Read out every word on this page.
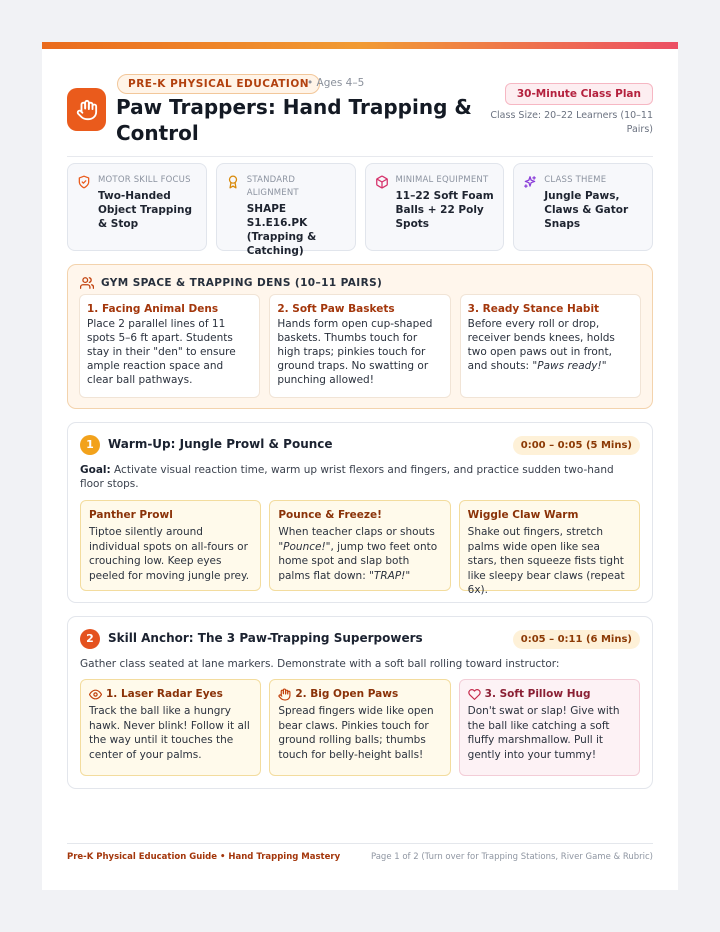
PRE-K PHYSICAL EDUCATION
• Ages 4–5
Paw Trappers: Hand Trapping & Control
30-Minute Class Plan
Class Size: 20–22 Learners (10–11 Pairs)
MOTOR SKILL FOCUS
Two-Handed Object Trapping & Stop
STANDARD ALIGNMENT
SHAPE S1.E16.PK (Trapping & Catching)
MINIMAL EQUIPMENT
11–22 Soft Foam Balls + 22 Poly Spots
CLASS THEME
Jungle Paws, Claws & Gator Snaps
GYM SPACE & TRAPPING DENS (10–11 PAIRS)
1. Facing Animal Dens
Place 2 parallel lines of 11 spots 5–6 ft apart. Students stay in their "den" to ensure ample reaction space and clear ball pathways.
2. Soft Paw Baskets
Hands form open cup-shaped baskets. Thumbs touch for high traps; pinkies touch for ground traps. No swatting or punching allowed!
3. Ready Stance Habit
Before every roll or drop, receiver bends knees, holds two open paws out in front, and shouts: "Paws ready!"
1	Warm-Up: Jungle Prowl & Pounce	0:00 – 0:05 (5 Mins)
Goal: Activate visual reaction time, warm up wrist flexors and fingers, and practice sudden two-hand floor stops.
Panther Prowl
Tiptoe silently around individual spots on all-fours or crouching low. Keep eyes peeled for moving jungle prey.
Pounce & Freeze!
When teacher claps or shouts "Pounce!", jump two feet onto home spot and slap both palms flat down: "TRAP!"
Wiggle Claw Warm
Shake out fingers, stretch palms wide open like sea stars, then squeeze fists tight like sleepy bear claws (repeat 6x).
2	Skill Anchor: The 3 Paw-Trapping Superpowers	0:05 – 0:11 (6 Mins)
Gather class seated at lane markers. Demonstrate with a soft ball rolling toward instructor:
1. Laser Radar Eyes
Track the ball like a hungry hawk. Never blink! Follow it all the way until it touches the center of your palms.
2. Big Open Paws
Spread fingers wide like open bear claws. Pinkies touch for ground rolling balls; thumbs touch for belly-height balls!
3. Soft Pillow Hug
Don't swat or slap! Give with the ball like catching a soft fluffy marshmallow. Pull it gently into your tummy!
Pre-K Physical Education Guide • Hand Trapping Mastery	Page 1 of 2 (Turn over for Trapping Stations, River Game & Rubric)
